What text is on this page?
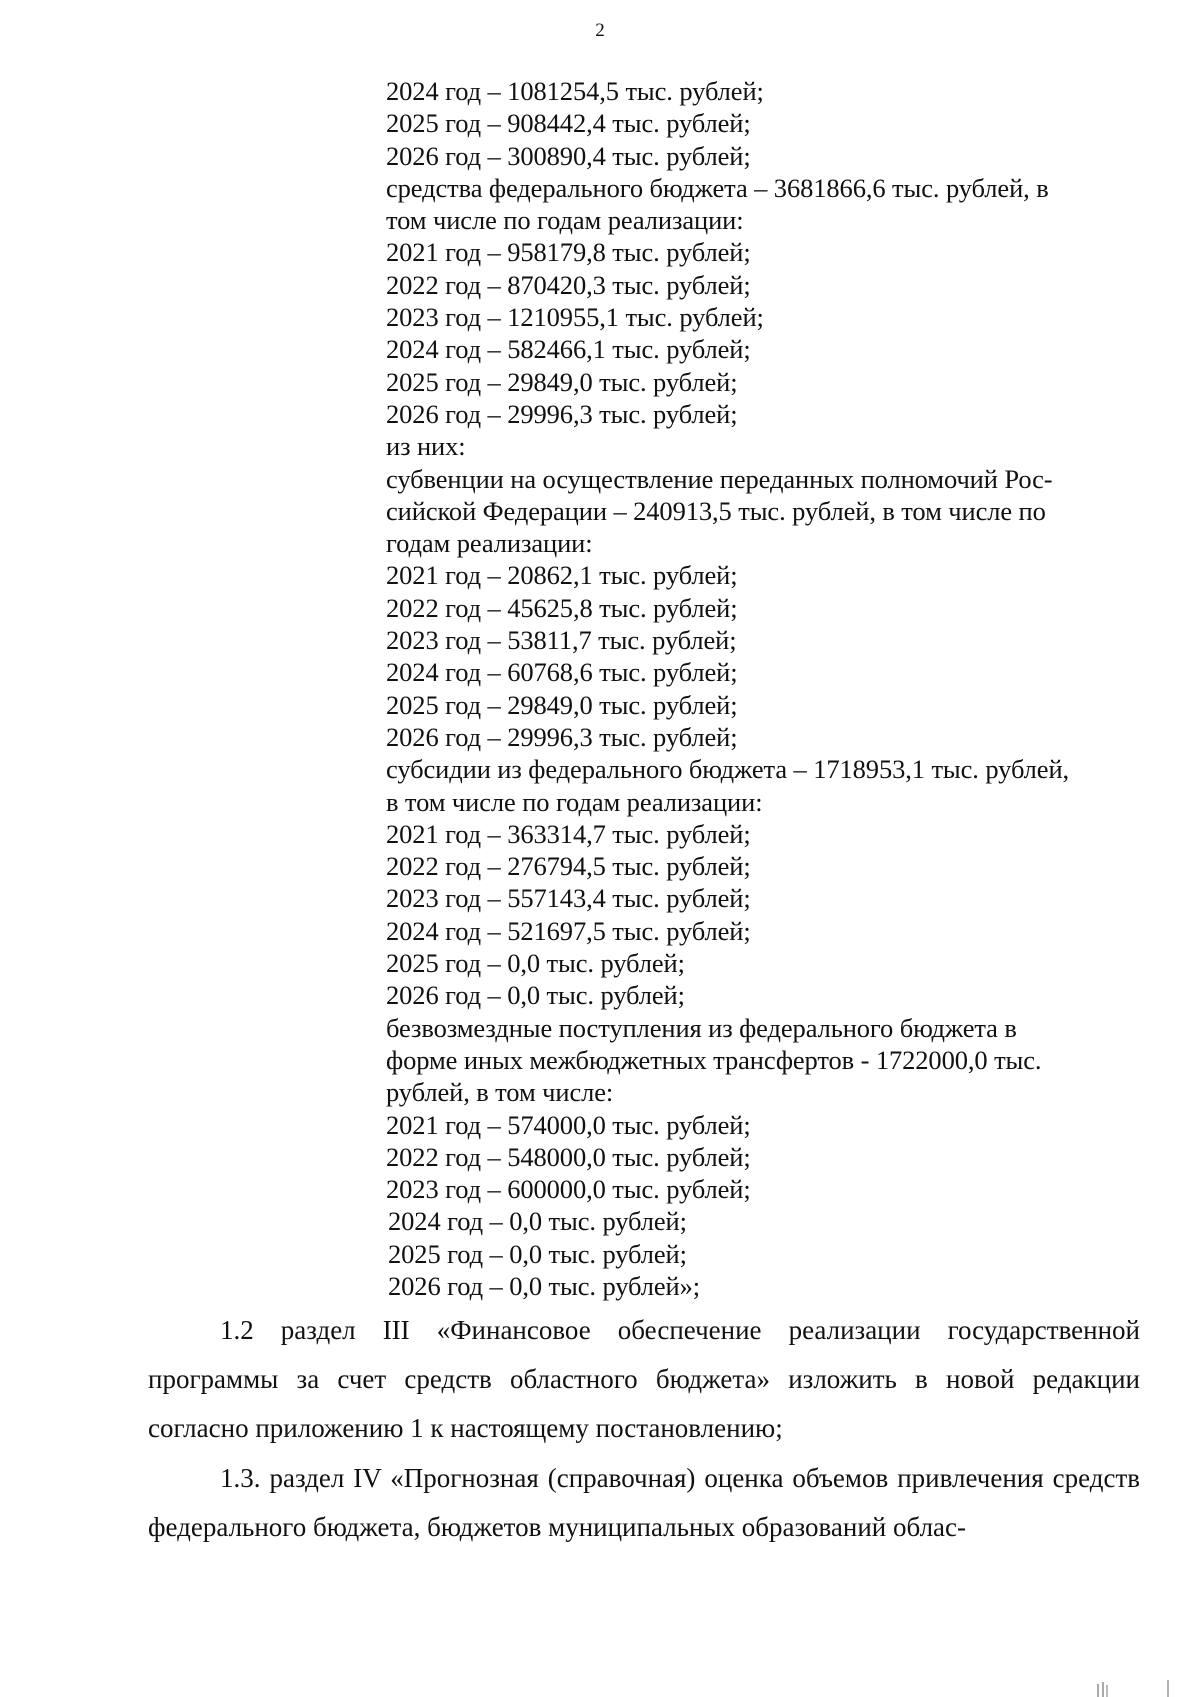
2
2024 год – 1081254,5 тыс. рублей;
2025 год – 908442,4 тыс. рублей;
2026 год – 300890,4 тыс. рублей;
средства федерального бюджета – 3681866,6 тыс. рублей, в
том числе по годам реализации:
2021 год – 958179,8 тыс. рублей;
2022 год – 870420,3 тыс. рублей;
2023 год – 1210955,1 тыс. рублей;
2024 год – 582466,1 тыс. рублей;
2025 год – 29849,0 тыс. рублей;
2026 год – 29996,3 тыс. рублей;
из них:
субвенции на осуществление переданных полномочий Рос-
сийской Федерации – 240913,5 тыс. рублей, в том числе по
годам реализации:
2021 год – 20862,1 тыс. рублей;
2022 год – 45625,8 тыс. рублей;
2023 год – 53811,7 тыс. рублей;
2024 год – 60768,6 тыс. рублей;
2025 год – 29849,0 тыс. рублей;
2026 год – 29996,3 тыс. рублей;
субсидии из федерального бюджета – 1718953,1 тыс. рублей,
в том числе по годам реализации:
2021 год – 363314,7 тыс. рублей;
2022 год – 276794,5 тыс. рублей;
2023 год – 557143,4 тыс. рублей;
2024 год – 521697,5 тыс. рублей;
2025 год – 0,0 тыс. рублей;
2026 год – 0,0 тыс. рублей;
безвозмездные поступления из федерального бюджета в
форме иных межбюджетных трансфертов - 1722000,0 тыс.
рублей, в том числе:
2021 год – 574000,0 тыс. рублей;
2022 год – 548000,0 тыс. рублей;
2023 год – 600000,0 тыс. рублей;
2024 год – 0,0 тыс. рублей;
2025 год – 0,0 тыс. рублей;
2026 год – 0,0 тыс. рублей»;

1.2 раздел III «Финансовое обеспечение реализации государственной программы за счет средств областного бюджета» изложить в новой редакции согласно приложению 1 к настоящему постановлению;

1.3. раздел IV «Прогнозная (справочная) оценка объемов привлечения средств федерального бюджета, бюджетов муниципальных образований облас-
